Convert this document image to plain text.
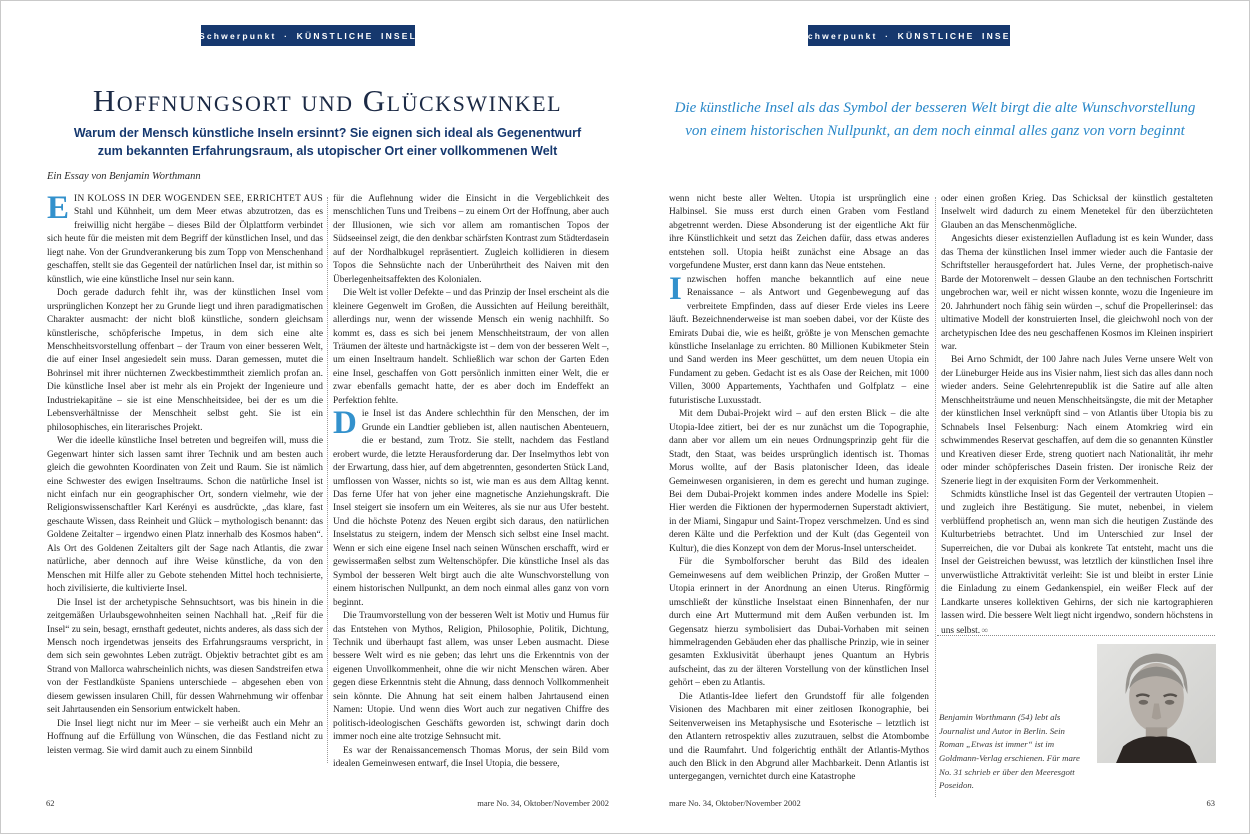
Schwerpunkt · KÜNSTLICHE INSEL
Hoffnungsort und Glückswinkel
Warum der Mensch künstliche Inseln ersinnt? Sie eignen sich ideal als Gegenentwurf
zum bekannten Erfahrungsraum, als utopischer Ort einer vollkommenen Welt
Ein Essay von Benjamin Worthmann
Schwerpunkt · KÜNSTLICHE INSEL
Die künstliche Insel als das Symbol der besseren Welt birgt die alte Wunschvorstellung
von einem historischen Nullpunkt, an dem noch einmal alles ganz von vorn beginnt

EIN KOLOSS IN DER WOGENDEN SEE, ERRICHTET AUS Stahl und Kühnheit, um dem Meer etwas abzutrotzen, das es freiwillig nicht hergäbe – dieses Bild der Ölplattform verbindet sich heute für die meisten mit dem Begriff der künstlichen Insel, und das liegt nahe. Von der Grundverankerung bis zum Topp von Menschenhand geschaffen, stellt sie das Gegenteil der natürlichen Insel dar, ist mithin so künstlich, wie eine künstliche Insel nur sein kann.

Doch gerade dadurch fehlt ihr, was der künstlichen Insel vom ursprünglichen Konzept her zu Grunde liegt und ihren paradigmatischen Charakter ausmacht: der nicht bloß künstliche, sondern gleichsam künstlerische, schöpferische Impetus, in dem sich eine alte Menschheitsvorstellung offenbart – der Traum von einer besseren Welt, die auf einer Insel angesiedelt sein muss. Daran gemessen, mutet die Bohrinsel mit ihrer nüchternen Zweckbestimmtheit ziemlich profan an. Die künstliche Insel aber ist mehr als ein Projekt der Ingenieure und Industriekapitäne – sie ist eine Menschheitsidee, bei der es um die Lebensverhältnisse der Menschheit selbst geht. Sie ist ein philosophisches, ein literarisches Projekt.

Wer die ideelle künstliche Insel betreten und begreifen will, muss die Gegenwart hinter sich lassen samt ihrer Technik und am besten auch gleich die gewohnten Koordinaten von Zeit und Raum. Sie ist nämlich eine Schwester des ewigen Inseltraums. Schon die natürliche Insel ist nicht einfach nur ein geographischer Ort, sondern vielmehr, wie der Religionswissenschaftler Karl Kerényi es ausdrückte, „das klare, fast geschaute Wissen, dass Reinheit und Glück – mythologisch benannt: das Goldene Zeitalter – irgendwo einen Platz innerhalb des Kosmos haben“. Als Ort des Goldenen Zeitalters gilt der Sage nach Atlantis, die zwar natürliche, aber dennoch auf ihre Weise künstliche, da von den Menschen mit Hilfe aller zu Gebote stehenden Mittel hoch technisierte, hoch zivilisierte, die kultivierte Insel.

Die Insel ist der archetypische Sehnsuchtsort, was bis hinein in die zeitgemäßen Urlaubsgewohnheiten seinen Nachhall hat. „Reif für die Insel“ zu sein, besagt, ernsthaft gedeutet, nichts anderes, als dass sich der Mensch noch irgendetwas jenseits des Erfahrungsraums verspricht, in dem sich sein gewohntes Leben zuträgt. Objektiv betrachtet gibt es am Strand von Mallorca wahrscheinlich nichts, was diesen Sandstreifen etwa von der Festlandküste Spaniens unterschiede – abgesehen eben von diesem gewissen insularen Chill, für dessen Wahrnehmung wir offenbar seit Jahrtausenden ein Sensorium entwickelt haben.

Die Insel liegt nicht nur im Meer – sie verheißt auch ein Mehr an Hoffnung auf die Erfüllung von Wünschen, die das Festland nicht zu leisten vermag. Sie wird damit auch zu einem Sinnbild

für die Auflehnung wider die Einsicht in die Vergeblichkeit des menschlichen Tuns und Treibens – zu einem Ort der Hoffnung, aber auch der Illusionen, wie sich vor allem am romantischen Topos der Südseeinsel zeigt, die den denkbar schärfsten Kontrast zum Städterdasein auf der Nordhalbkugel repräsentiert. Zugleich kollidieren in diesem Topos die Sehnsüchte nach der Unberührtheit des Naiven mit den Überlegenheitsaffekten des Kolonialen.

Die Welt ist voller Defekte – und das Prinzip der Insel erscheint als die kleinere Gegenwelt im Großen, die Aussichten auf Heilung bereithält, allerdings nur, wenn der wissende Mensch ein wenig nachhilft. So kommt es, dass es sich bei jenem Menschheitstraum, der von allen Träumen der älteste und hartnäckigste ist – dem von der besseren Welt –, um einen Inseltraum handelt. Schließlich war schon der Garten Eden eine Insel, geschaffen von Gott persönlich inmitten einer Welt, die er zwar ebenfalls gemacht hatte, der es aber doch im Endeffekt an Perfektion fehlte.

Die Insel ist das Andere schlechthin für den Menschen, der im Grunde ein Landtier geblieben ist, allen nautischen Abenteuern, die er bestand, zum Trotz. Sie stellt, nachdem das Festland erobert wurde, die letzte Herausforderung dar. Der Inselmythos lebt von der Erwartung, dass hier, auf dem abgetrennten, gesonderten Stück Land, umflossen von Wasser, nichts so ist, wie man es aus dem Alltag kennt. Das ferne Ufer hat von jeher eine magnetische Anziehungskraft. Die Insel steigert sie insofern um ein Weiteres, als sie nur aus Ufer besteht. Und die höchste Potenz des Neuen ergibt sich daraus, den natürlichen Inselstatus zu steigern, indem der Mensch sich selbst eine Insel macht. Wenn er sich eine eigene Insel nach seinen Wünschen erschafft, wird er gewissermaßen selbst zum Weltenschöpfer. Die künstliche Insel als das Symbol der besseren Welt birgt auch die alte Wunschvorstellung von einem historischen Nullpunkt, an dem noch einmal alles ganz von vorn beginnt.

Die Traumvorstellung von der besseren Welt ist Motiv und Humus für das Entstehen von Mythos, Religion, Philosophie, Politik, Dichtung, Technik und überhaupt fast allem, was unser Leben ausmacht. Diese bessere Welt wird es nie geben; das lehrt uns die Erkenntnis von der eigenen Unvollkommenheit, ohne die wir nicht Menschen wären. Aber gegen diese Erkenntnis steht die Ahnung, dass dennoch Vollkommenheit sein könnte. Die Ahnung hat seit einem halben Jahrtausend einen Namen: Utopie. Und wenn dies Wort auch zur negativen Chiffre des politisch-ideologischen Geschäfts geworden ist, schwingt darin doch immer noch eine alte trotzige Sehnsucht mit.

Es war der Renaissancemensch Thomas Morus, der sein Bild vom idealen Gemeinwesen entwarf, die Insel Utopia, die bessere,

wenn nicht beste aller Welten. Utopia ist ursprünglich eine Halbinsel. Sie muss erst durch einen Graben vom Festland abgetrennt werden. Diese Absonderung ist der eigentliche Akt für ihre Künstlichkeit und setzt das Zeichen dafür, dass etwas anderes entstehen soll. Utopia heißt zunächst eine Absage an das vorgefundene Muster, erst dann kann das Neue entstehen.

Inzwischen hoffen manche bekanntlich auf eine neue Renaissance – als Antwort und Gegenbewegung auf das verbreitete Empfinden, dass auf dieser Erde vieles ins Leere läuft. Bezeichnenderweise ist man soeben dabei, vor der Küste des Emirats Dubai die, wie es heißt, größte je von Menschen gemachte künstliche Inselanlage zu errichten. 80 Millionen Kubikmeter Stein und Sand werden ins Meer geschüttet, um dem neuen Utopia ein Fundament zu geben. Gedacht ist es als Oase der Reichen, mit 1000 Villen, 3000 Appartements, Yachthafen und Golfplatz – eine futuristische Luxusstadt.

Mit dem Dubai-Projekt wird – auf den ersten Blick – die alte Utopia-Idee zitiert, bei der es nur zunächst um die Topographie, dann aber vor allem um ein neues Ordnungsprinzip geht für die Stadt, den Staat, was beides ursprünglich identisch ist. Thomas Morus wollte, auf der Basis platonischer Ideen, das ideale Gemeinwesen organisieren, in dem es gerecht und human zuginge. Bei dem Dubai-Projekt kommen indes andere Modelle ins Spiel: Hier werden die Fiktionen der hypermodernen Superstadt aktiviert, in der Miami, Singapur und Saint-Tropez verschmelzen. Und es sind deren Kälte und die Perfektion und der Kult (das Gegenteil von Kultur), die dies Konzept von dem der Morus-Insel unterscheidet.

Für die Symbolforscher beruht das Bild des idealen Gemeinwesens auf dem weiblichen Prinzip, der Großen Mutter – Utopia erinnert in der Anordnung an einen Uterus. Ringförmig umschließt der künstliche Inselstaat einen Binnenhafen, der nur durch eine Art Muttermund mit dem Außen verbunden ist. Im Gegensatz hierzu symbolisiert das Dubai-Vorhaben mit seinen himmelragenden Gebäuden eher das phallische Prinzip, wie in seiner gesamten Exklusivität überhaupt jenes Quantum an Hybris aufscheint, das zu der älteren Vorstellung von der künstlichen Insel gehört – eben zu Atlantis.

Die Atlantis-Idee liefert den Grundstoff für alle folgenden Visionen des Machbaren mit einer zeitlosen Ikonographie, bei Seitenverweisen ins Metaphysische und Esoterische – letztlich ist den Atlantern retrospektiv alles zuzutrauen, selbst die Atombombe und die Raumfahrt. Und folgerichtig enthält der Atlantis-Mythos auch den Blick in den Abgrund aller Machbarkeit. Denn Atlantis ist untergegangen, vernichtet durch eine Katastrophe

oder einen großen Krieg. Das Schicksal der künstlich gestalteten Inselwelt wird dadurch zu einem Menetekel für den überzüchteten Glauben an das Menschenmögliche.

Angesichts dieser existenziellen Aufladung ist es kein Wunder, dass das Thema der künstlichen Insel immer wieder auch die Fantasie der Schriftsteller herausgefordert hat. Jules Verne, der prophetisch-naive Barde der Motorenwelt – dessen Glaube an den technischen Fortschritt ungebrochen war, weil er nicht wissen konnte, wozu die Ingenieure im 20. Jahrhundert noch fähig sein würden –, schuf die Propellerinsel: das ultimative Modell der konstruierten Insel, die gleichwohl noch von der archetypischen Idee des neu geschaffenen Kosmos im Kleinen inspiriert war.

Bei Arno Schmidt, der 100 Jahre nach Jules Verne unsere Welt von der Lüneburger Heide aus ins Visier nahm, liest sich das alles dann noch wieder anders. Seine Gelehrtenrepublik ist die Satire auf alle alten Menschheitsträume und neuen Menschheitsängste, die mit der Metapher der künstlichen Insel verknüpft sind – von Atlantis über Utopia bis zu Schnabels Insel Felsenburg: Nach einem Atomkrieg wird ein schwimmendes Reservat geschaffen, auf dem die so genannten Künstler und Kreativen dieser Erde, streng quotiert nach Nationalität, ihr mehr oder minder schöpferisches Dasein fristen. Der ironische Reiz der Szenerie liegt in der exquisiten Form der Verkommenheit.

Schmidts künstliche Insel ist das Gegenteil der vertrauten Utopien – und zugleich ihre Bestätigung. Sie mutet, nebenbei, in vielem verblüffend prophetisch an, wenn man sich die heutigen Zustände des Kulturbetriebs betrachtet. Und im Unterschied zur Insel der Superreichen, die vor Dubai als konkrete Tat entsteht, macht uns die Insel der Geistreichen bewusst, was letztlich der künstlichen Insel ihre unverwüstliche Attraktivität verleiht: Sie ist und bleibt in erster Linie die Einladung zu einem Gedankenspiel, ein weißer Fleck auf der Landkarte unseres kollektiven Gehirns, der sich nie kartographieren lassen wird. Die bessere Welt liegt nicht irgendwo, sondern höchstens in uns selbst. ∞

Benjamin Worthmann (54) lebt als Journalist und Autor in Berlin. Sein Roman „Etwas ist immer“ ist im Goldmann-Verlag erschienen. Für mare No. 31 schrieb er über den Meeresgott Poseidon.
62	mare No. 34, Oktober/November 2002	mare No. 34, Oktober/November 2002	63
